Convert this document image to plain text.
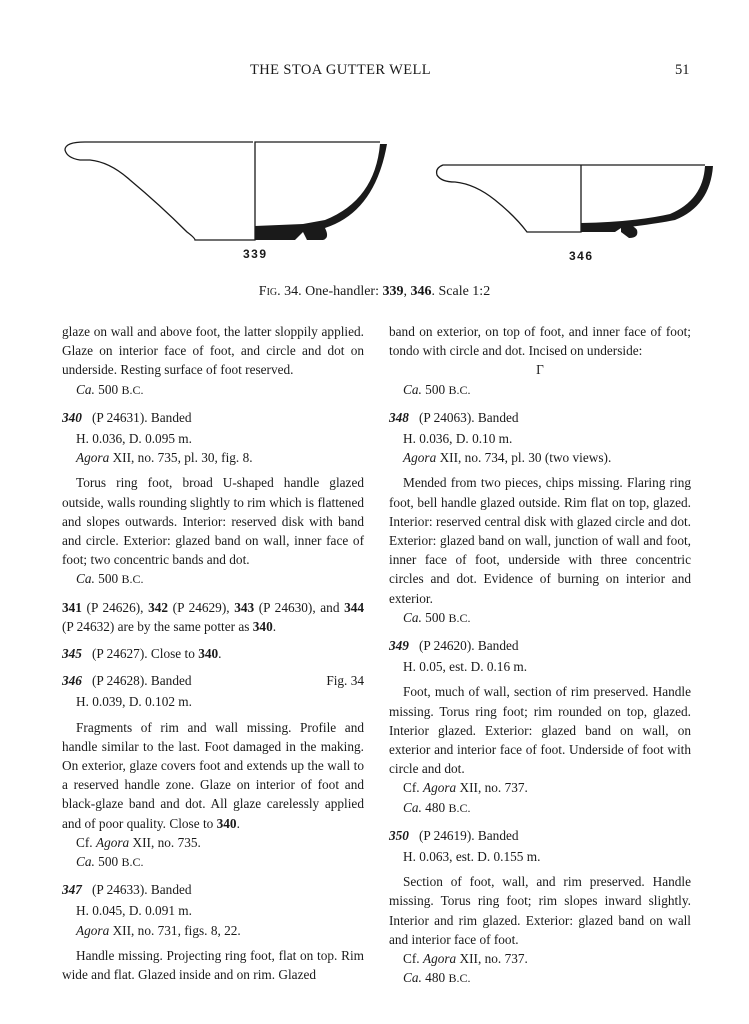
THE STOA GUTTER WELL	51
339	346
Fig. 34. One-handler: 339, 346. Scale 1:2

glaze on wall and above foot, the latter sloppily applied. Glaze on interior face of foot, and circle and dot on underside. Resting surface of foot reserved.

Ca. 500 B.C.

340 (P 24631). Banded

H. 0.036, D. 0.095 m.

Agora XII, no. 735, pl. 30, fig. 8.

Torus ring foot, broad U-shaped handle glazed outside, walls rounding slightly to rim which is flattened and slopes outwards. Interior: reserved disk with band and circle. Exterior: glazed band on wall, inner face of foot; two concentric bands and dot.

Ca. 500 B.C.

341 (P 24626), 342 (P 24629), 343 (P 24630), and 344 (P 24632) are by the same potter as 340.

345 (P 24627). Close to 340.

346 (P 24628). Banded	Fig. 34

H. 0.039, D. 0.102 m.

Fragments of rim and wall missing. Profile and handle similar to the last. Foot damaged in the making. On exterior, glaze covers foot and extends up the wall to a reserved handle zone. Glaze on interior of foot and black-glaze band and dot. All glaze carelessly applied and of poor quality. Close to 340.

Cf. Agora XII, no. 735.

Ca. 500 B.C.

347 (P 24633). Banded

H. 0.045, D. 0.091 m.

Agora XII, no. 731, figs. 8, 22.

Handle missing. Projecting ring foot, flat on top. Rim wide and flat. Glazed inside and on rim. Glazed

band on exterior, on top of foot, and inner face of foot; tondo with circle and dot. Incised on underside:

Γ

Ca. 500 B.C.

348 (P 24063). Banded

H. 0.036, D. 0.10 m.

Agora XII, no. 734, pl. 30 (two views).

Mended from two pieces, chips missing. Flaring ring foot, bell handle glazed outside. Rim flat on top, glazed. Interior: reserved central disk with glazed circle and dot. Exterior: glazed band on wall, junction of wall and foot, inner face of foot, underside with three concentric circles and dot. Evidence of burning on interior and exterior.

Ca. 500 B.C.

349 (P 24620). Banded

H. 0.05, est. D. 0.16 m.

Foot, much of wall, section of rim preserved. Handle missing. Torus ring foot; rim rounded on top, glazed. Interior glazed. Exterior: glazed band on wall, on exterior and interior face of foot. Underside of foot with circle and dot.

Cf. Agora XII, no. 737.

Ca. 480 B.C.

350 (P 24619). Banded

H. 0.063, est. D. 0.155 m.

Section of foot, wall, and rim preserved. Handle missing. Torus ring foot; rim slopes inward slightly. Interior and rim glazed. Exterior: glazed band on wall and interior face of foot.

Cf. Agora XII, no. 737.

Ca. 480 B.C.
